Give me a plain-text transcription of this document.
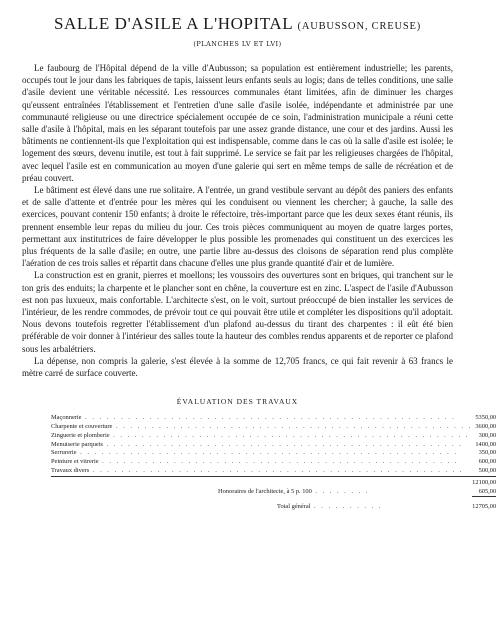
SALLE D'ASILE A L'HOPITAL (AUBUSSON, CREUSE)
(PLANCHES LV ET LVI)

Le faubourg de l'Hôpital dépend de la ville d'Aubusson; sa population est entièrement industrielle; les parents, occupés tout le jour dans les fabriques de tapis, laissent leurs enfants seuls au logis; dans de telles conditions, une salle d'asile devient une véritable nécessité. Les ressources communales étant limitées, afin de diminuer les charges qu'eussent entraînées l'établissement et l'entretien d'une salle d'asile isolée, indépendante et administrée par une communauté religieuse ou une directrice spécialement occupée de ce soin, l'administration municipale a réuni cette salle d'asile à l'hôpital, mais en les séparant toutefois par une assez grande distance, une cour et des jardins. Aussi les bâtiments ne contiennent-ils que l'exploitation qui est indispensable, comme dans le cas où la salle d'asile est isolée; le logement des sœurs, devenu inutile, est tout à fait supprimé. Le service se fait par les religieuses chargées de l'hôpital, avec lequel l'asile est en communication au moyen d'une galerie qui sert en même temps de salle de récréation et de préau couvert.

Le bâtiment est élevé dans une rue solitaire. A l'entrée, un grand vestibule servant au dépôt des paniers des enfants et de salle d'attente et d'entrée pour les mères qui les conduisent ou viennent les chercher; à gauche, la salle des exercices, pouvant contenir 150 enfants; à droite le réfectoire, très-important parce que les deux sexes étant réunis, ils prennent ensemble leur repas du milieu du jour. Ces trois pièces communiquent au moyen de quatre larges portes, permettant aux institutrices de faire développer le plus possible les promenades qui constituent un des exercices les plus fréquents de la salle d'asile; en outre, une partie libre au-dessus des cloisons de séparation rend plus complète l'aération de ces trois salles et répartit dans chacune d'elles une plus grande quantité d'air et de lumière.

La construction est en granit, pierres et moellons; les voussoirs des ouvertures sont en briques, qui tranchent sur le ton gris des enduits; la charpente et le plancher sont en chêne, la couverture est en zinc. L'aspect de l'asile d'Aubusson est non pas luxueux, mais confortable. L'architecte s'est, on le voit, surtout préoccupé de bien installer les services de l'intérieur, de les rendre commodes, de prévoir tout ce qui pouvait être utile et compléter les dispositions qu'il adoptait. Nous devons toutefois regretter l'établissement d'un plafond au-dessus du tirant des charpentes : il eût été bien préférable de voir donner à l'intérieur des salles toute la hauteur des combles rendus apparents et de reporter ce plafond sous les arbalétriers.

La dépense, non compris la galerie, s'est élevée à la somme de 12,705 francs, ce qui fait revenir à 63 francs le mètre carré de surface couverte.

ÉVALUATION DES TRAVAUX
Maçonnerie . . . . . . . . . . . . . . . . . . . . . . . . . . . . . . . . . . . . . . . . . . . . . . . . . . . .	5350,00
Charpente et couverture . . . . . . . . . . . . . . . . . . . . . . . . . . . . . . . . . . . . . . . . . . . . . . . . . .	3600,00
Zinguerie et plomberie . . . . . . . . . . . . . . . . . . . . . . . . . . . . . . . . . . . . . . . . . . . . . . . . . .	300,00
Menuiserie parquets . . . . . . . . . . . . . . . . . . . . . . . . . . . . . . . . . . . . . . . . . . . . . . . . . .	1400,00
Serrurerie . . . . . . . . . . . . . . . . . . . . . . . . . . . . . . . . . . . . . . . . . . . . . . . . . . . . .	350,00
Peinture et vitrerie . . . . . . . . . . . . . . . . . . . . . . . . . . . . . . . . . . . . . . . . . . . . . . . . . .	600,00
Travaux divers . . . . . . . . . . . . . . . . . . . . . . . . . . . . . . . . . . . . . . . . . . . . . . . . . . . .	500,00
	12100,00
Honoraires de l'architecte, à 5 p. 100 . . . . . . . .	605,00
Total général . . . . . . . . . .	12705,00
